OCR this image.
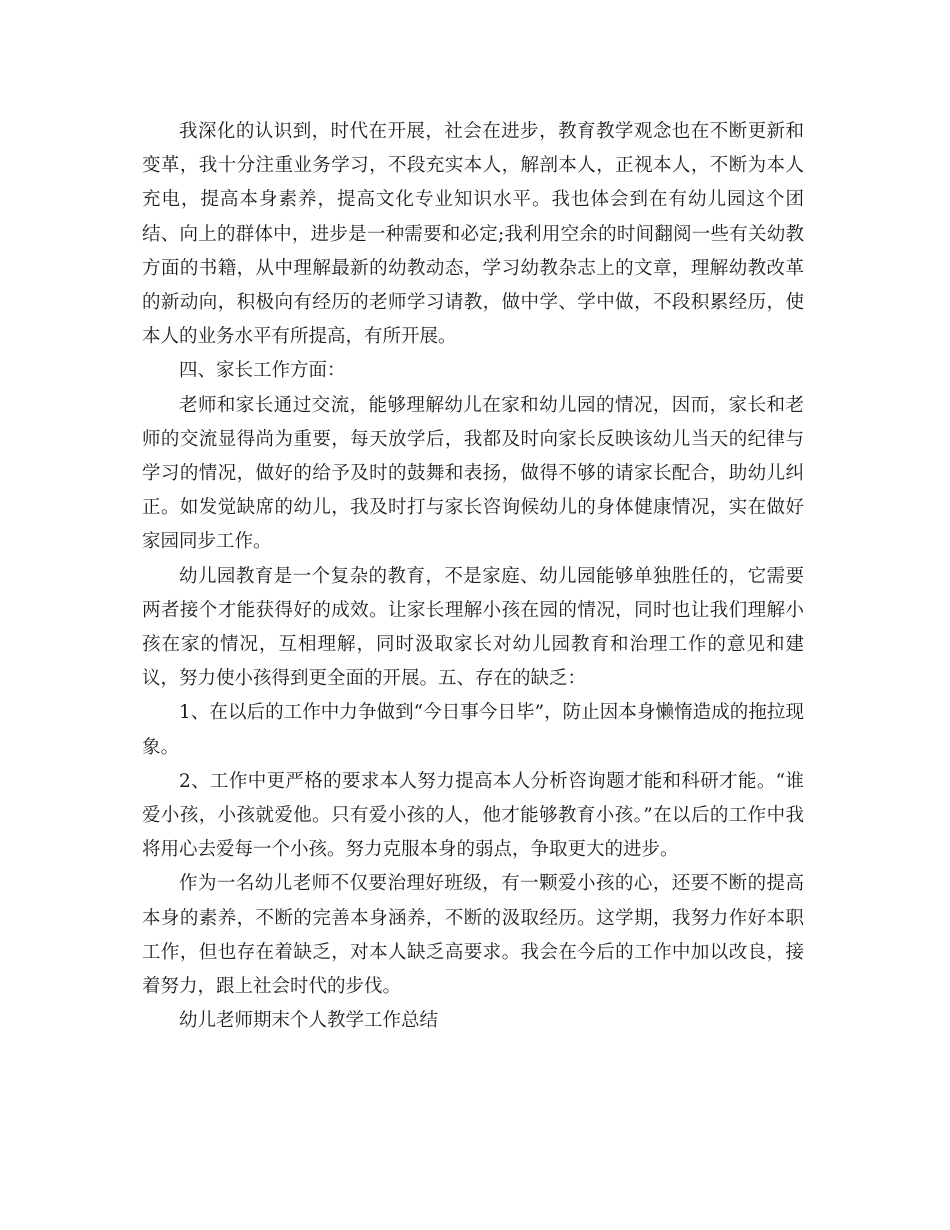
我深化的认识到，时代在开展，社会在进步，教育教学观念也在不断更新和变革，我十分注重业务学习，不段充实本人，解剖本人，正视本人，不断为本人充电，提高本身素养，提高文化专业知识水平。我也体会到在有幼儿园这个团结、向上的群体中，进步是一种需要和必定;我利用空余的时间翻阅一些有关幼教方面的书籍，从中理解最新的幼教动态，学习幼教杂志上的文章，理解幼教改革的新动向，积极向有经历的老师学习请教，做中学、学中做，不段积累经历，使本人的业务水平有所提高，有所开展。

四、家长工作方面：

老师和家长通过交流，能够理解幼儿在家和幼儿园的情况，因而，家长和老师的交流显得尚为重要，每天放学后，我都及时向家长反映该幼儿当天的纪律与学习的情况，做好的给予及时的鼓舞和表扬，做得不够的请家长配合，助幼儿纠正。如发觉缺席的幼儿，我及时打与家长咨询候幼儿的身体健康情况，实在做好家园同步工作。

幼儿园教育是一个复杂的教育，不是家庭、幼儿园能够单独胜任的，它需要两者接个才能获得好的成效。让家长理解小孩在园的情况，同时也让我们理解小孩在家的情况，互相理解，同时汲取家长对幼儿园教育和治理工作的意见和建议，努力使小孩得到更全面的开展。五、存在的缺乏：

1、在以后的工作中力争做到“今日事今日毕”，防止因本身懒惰造成的拖拉现象。

2、工作中更严格的要求本人努力提高本人分析咨询题才能和科研才能。“谁爱小孩，小孩就爱他。只有爱小孩的人，他才能够教育小孩。”在以后的工作中我将用心去爱每一个小孩。努力克服本身的弱点，争取更大的进步。

作为一名幼儿老师不仅要治理好班级，有一颗爱小孩的心，还要不断的提高本身的素养，不断的完善本身涵养，不断的汲取经历。这学期，我努力作好本职工作，但也存在着缺乏，对本人缺乏高要求。我会在今后的工作中加以改良，接着努力，跟上社会时代的步伐。

幼儿老师期末个人教学工作总结
